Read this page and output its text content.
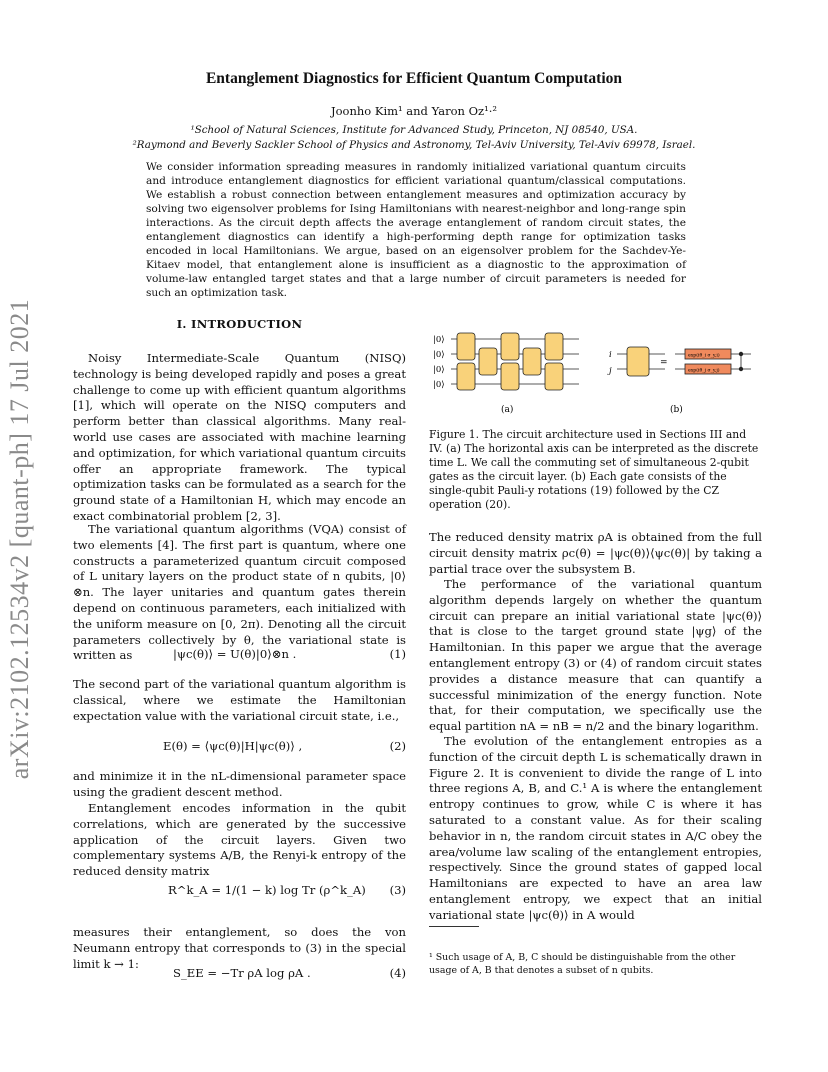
arXiv:2102.12534v2 [quant-ph] 17 Jul 2021
Entanglement Diagnostics for Efficient Quantum Computation
Joonho Kim¹ and Yaron Oz¹·²
¹School of Natural Sciences, Institute for Advanced Study, Princeton, NJ 08540, USA.
²Raymond and Beverly Sackler School of Physics and Astronomy, Tel-Aviv University, Tel-Aviv 69978, Israel.
We consider information spreading measures in randomly initialized variational quantum circuits and introduce entanglement diagnostics for efficient variational quantum/classical computations. We establish a robust connection between entanglement measures and optimization accuracy by solving two eigensolver problems for Ising Hamiltonians with nearest-neighbor and long-range spin interactions. As the circuit depth affects the average entanglement of random circuit states, the entanglement diagnostics can identify a high-performing depth range for optimization tasks encoded in local Hamiltonians. We argue, based on an eigensolver problem for the Sachdev-Ye-Kitaev model, that entanglement alone is insufficient as a diagnostic to the approximation of volume-law entangled target states and that a large number of circuit parameters is needed for such an optimization task.
I. INTRODUCTION

Noisy Intermediate-Scale Quantum (NISQ) technology is being developed rapidly and poses a great challenge to come up with efficient quantum algorithms [1], which will operate on the NISQ computers and perform better than classical algorithms. Many real-world use cases are associated with machine learning and optimization, for which variational quantum circuits offer an appropriate framework. The typical optimization tasks can be formulated as a search for the ground state of a Hamiltonian H, which may encode an exact combinatorial problem [2, 3].

The variational quantum algorithms (VQA) consist of two elements [4]. The first part is quantum, where one constructs a parameterized quantum circuit composed of L unitary layers on the product state of n qubits, |0⟩⊗n. The layer unitaries and quantum gates therein depend on continuous parameters, each initialized with the uniform measure on [0, 2π). Denoting all the circuit parameters collectively by θ, the variational state is written as	|ψc(θ)⟩ = U(θ)|0⟩⊗n .	(1)

The second part of the variational quantum algorithm is classical, where we estimate the Hamiltonian expectation value with the variational circuit state, i.e.,

E(θ) = ⟨ψc(θ)|H|ψc(θ)⟩ ,	(2)

and minimize it in the nL-dimensional parameter space using the gradient descent method.

Entanglement encodes information in the qubit correlations, which are generated by the successive application of the circuit layers. Given two complementary systems A/B, the Renyi-k entropy of the reduced density matrix

R^k_A = 1/(1 − k) log Tr (ρ^k_A) (3)

measures their entanglement, so does the von Neumann entropy that corresponds to (3) in the special limit k → 1:

S_EE = −Tr ρA log ρA .	(4)
|0⟩
|0⟩
|0⟩
|0⟩
(a)
i
j
=
exp(iθ_i σ_y,i)
exp(iθ_j σ_y,j)
(b)
Figure 1. The circuit architecture used in Sections III and IV. (a) The horizontal axis can be interpreted as the discrete time L. We call the commuting set of simultaneous 2-qubit gates as the circuit layer. (b) Each gate consists of the single-qubit Pauli-y rotations (19) followed by the CZ operation (20).

The reduced density matrix ρA is obtained from the full circuit density matrix ρc(θ) = |ψc(θ)⟩⟨ψc(θ)| by taking a partial trace over the subsystem B.

The performance of the variational quantum algorithm depends largely on whether the quantum circuit can prepare an initial variational state |ψc(θ)⟩ that is close to the target ground state |ψg⟩ of the Hamiltonian. In this paper we argue that the average entanglement entropy (3) or (4) of random circuit states provides a distance measure that can quantify a successful minimization of the energy function. Note that, for their computation, we specifically use the equal partition nA = nB = n/2 and the binary logarithm.

The evolution of the entanglement entropies as a function of the circuit depth L is schematically drawn in Figure 2. It is convenient to divide the range of L into three regions A, B, and C.¹ A is where the entanglement entropy continues to grow, while C is where it has saturated to a constant value. As for their scaling behavior in n, the random circuit states in A/C obey the area/volume law scaling of the entanglement entropies, respectively. Since the ground states of gapped local Hamiltonians are expected to have an area law entanglement entropy, we expect that an initial variational state |ψc(θ)⟩ in A would

¹ Such usage of A, B, C should be distinguishable from the other usage of A, B that denotes a subset of n qubits.
